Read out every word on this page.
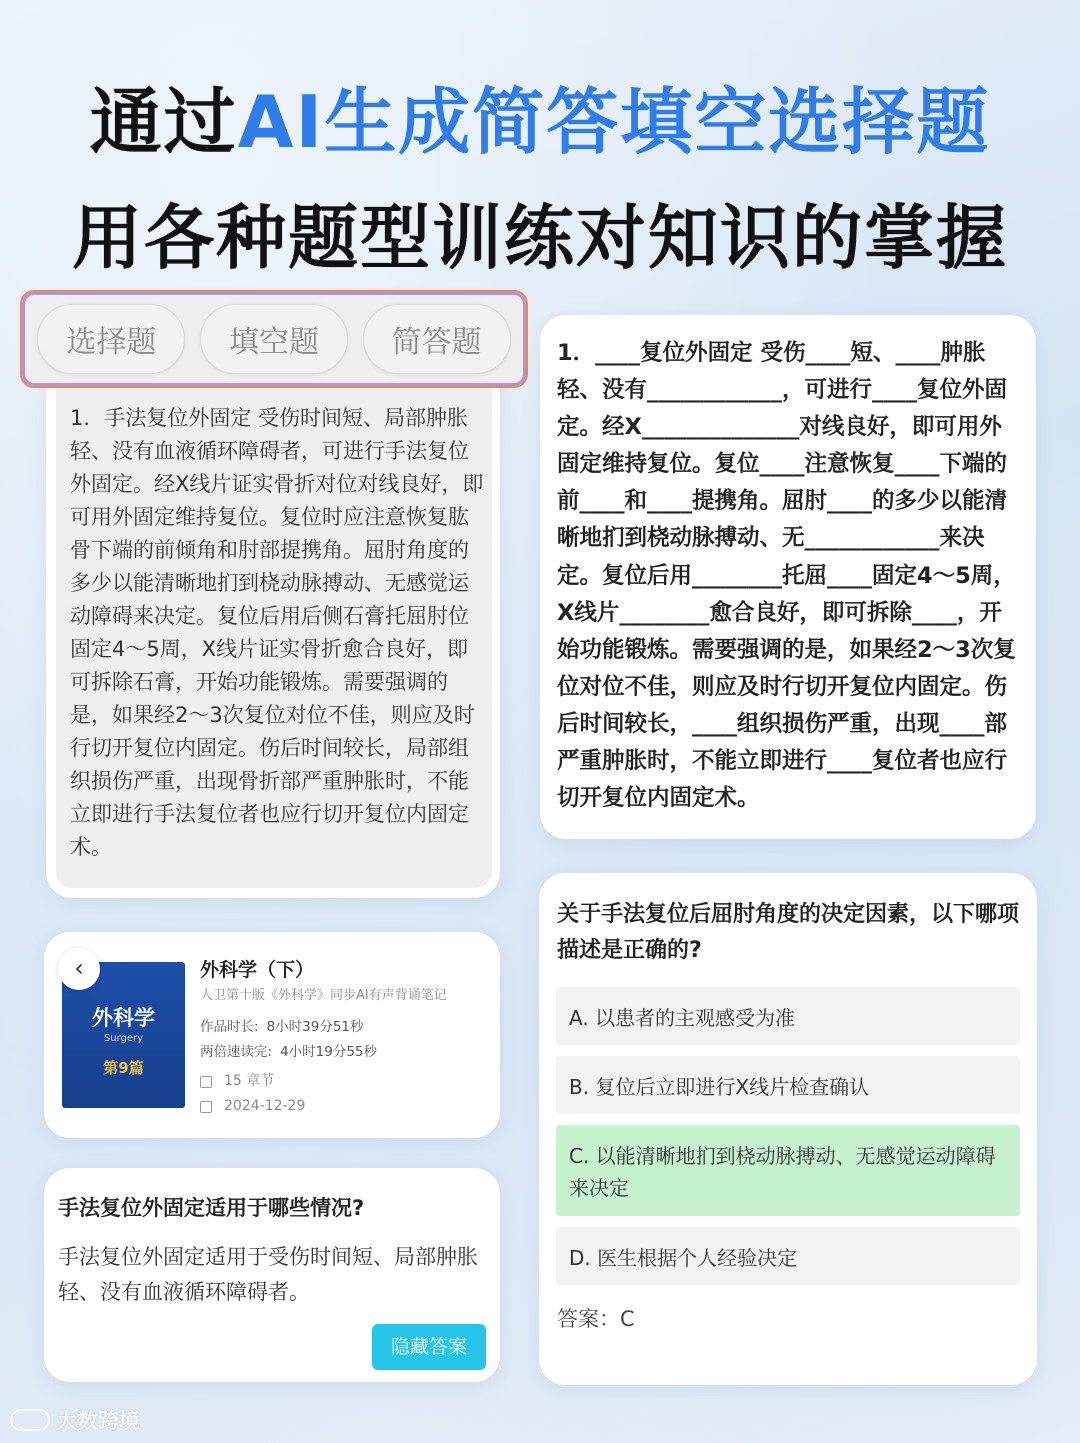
通过AI生成简答填空选择题
用各种题型训练对知识的掌握
选择题	填空题	简答题
1．手法复位外固定 受伤时间短、局部肿胀轻、没有血液循环障碍者，可进行手法复位外固定。经X线片证实骨折对位对线良好，即可用外固定维持复位。复位时应注意恢复肱骨下端的前倾角和肘部提携角。屈肘角度的多少以能清晰地扪到桡动脉搏动、无感觉运动障碍来决定。复位后用后侧石膏托屈肘位固定4～5周，X线片证实骨折愈合良好，即可拆除石膏，开始功能锻炼。需要强调的是，如果经2～3次复位对位不佳，则应及时行切开复位内固定。伤后时间较长，局部组织损伤严重，出现骨折部严重肿胀时，不能立即进行手法复位者也应行切开复位内固定术。
1．____复位外固定 受伤____短、____肿胀轻、没有____________，可进行____复位外固定。经X______________对线良好，即可用外固定维持复位。复位____注意恢复____下端的前____和____提携角。屈肘____的多少以能清晰地扪到桡动脉搏动、无____________来决定。复位后用________托屈____固定4～5周，X线片________愈合良好，即可拆除____，开始功能锻炼。需要强调的是，如果经2～3次复位对位不佳，则应及时行切开复位内固定。伤后时间较长，____组织损伤严重，出现____部严重肿胀时，不能立即进行____复位者也应行切开复位内固定术。
‹
外科学
Surgery
第9篇
外科学（下）
人卫第十版《外科学》同步AI有声背诵笔记
作品时长: 8小时39分51秒
两倍速读完: 4小时19分55秒
15 章节
2024-12-29
手法复位外固定适用于哪些情况?
手法复位外固定适用于受伤时间短、局部肿胀轻、没有血液循环障碍者。
隐藏答案
关于手法复位后屈肘角度的决定因素，以下哪项描述是正确的?
A. 以患者的主观感受为准
B. 复位后立即进行X线片检查确认
C. 以能清晰地扪到桡动脉搏动、无感觉运动障碍来决定
D. 医生根据个人经验决定
答案：C
大数跨境
